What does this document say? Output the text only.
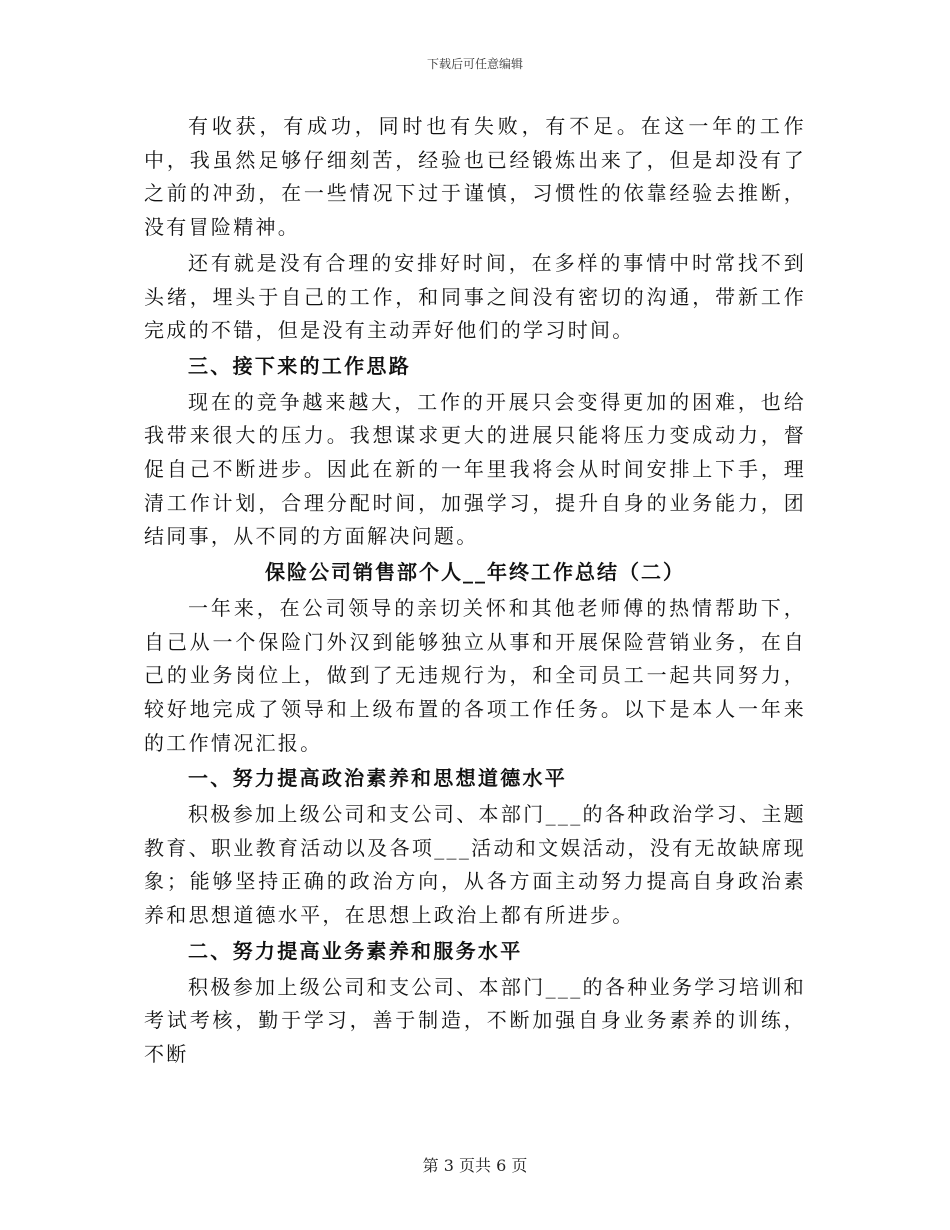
下载后可任意编辑

有收获，有成功，同时也有失败，有不足。在这一年的工作中，我虽然足够仔细刻苦，经验也已经锻炼出来了，但是却没有了之前的冲劲，在一些情况下过于谨慎，习惯性的依靠经验去推断，没有冒险精神。

还有就是没有合理的安排好时间，在多样的事情中时常找不到头绪，埋头于自己的工作，和同事之间没有密切的沟通，带新工作完成的不错，但是没有主动弄好他们的学习时间。

三、接下来的工作思路

现在的竞争越来越大，工作的开展只会变得更加的困难，也给我带来很大的压力。我想谋求更大的进展只能将压力变成动力，督促自己不断进步。因此在新的一年里我将会从时间安排上下手，理清工作计划，合理分配时间，加强学习，提升自身的业务能力，团结同事，从不同的方面解决问题。

保险公司销售部个人__年终工作总结（二）

一年来，在公司领导的亲切关怀和其他老师傅的热情帮助下，自己从一个保险门外汉到能够独立从事和开展保险营销业务，在自己的业务岗位上，做到了无违规行为，和全司员工一起共同努力，较好地完成了领导和上级布置的各项工作任务。以下是本人一年来的工作情况汇报。

一、努力提高政治素养和思想道德水平

积极参加上级公司和支公司、本部门___的各种政治学习、主题教育、职业教育活动以及各项___活动和文娱活动，没有无故缺席现象；能够坚持正确的政治方向，从各方面主动努力提高自身政治素养和思想道德水平，在思想上政治上都有所进步。

二、努力提高业务素养和服务水平

积极参加上级公司和支公司、本部门___的各种业务学习培训和考试考核，勤于学习，善于制造，不断加强自身业务素养的训练，不断

第 3 页共 6 页
